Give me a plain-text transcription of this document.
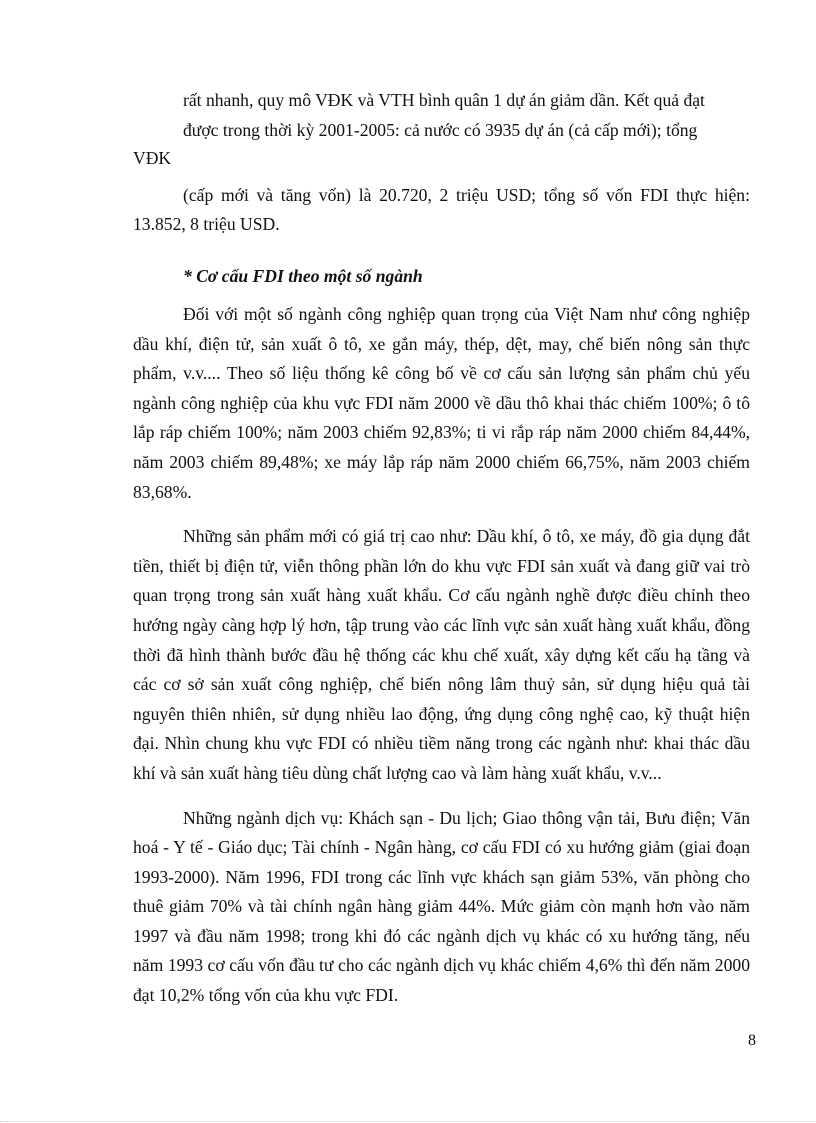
rất nhanh, quy mô VĐK và VTH bình quân 1 dự án giảm dần. Kết quả đạt

được trong thời kỳ 2001-2005: cả nước có 3935 dự án (cả cấp mới); tổng

VĐK

(cấp mới và tăng vốn) là 20.720, 2 triệu USD; tổng số vốn FDI thực hiện: 13.852, 8 triệu USD.

* Cơ cấu FDI theo một số ngành

Đối với một số ngành công nghiệp quan trọng của Việt Nam như công nghiệp dầu khí, điện tử, sản xuất ô tô, xe gắn máy, thép, dệt, may, chế biến nông sản thực phẩm, v.v.... Theo số liệu thống kê công bố về cơ cấu sản lượng sản phẩm chủ yếu ngành công nghiệp của khu vực FDI năm 2000 về dầu thô khai thác chiếm 100%; ô tô lắp ráp chiếm 100%; năm 2003 chiếm 92,83%; ti vi rắp ráp năm 2000 chiếm 84,44%, năm 2003 chiếm 89,48%; xe máy lắp ráp năm 2000 chiếm 66,75%, năm 2003 chiếm 83,68%.

Những sản phẩm mới có giá trị cao như: Dầu khí, ô tô, xe máy, đồ gia dụng đắt tiền, thiết bị điện tử, viễn thông phần lớn do khu vực FDI sản xuất và đang giữ vai trò quan trọng trong sản xuất hàng xuất khẩu. Cơ cấu ngành nghề được điều chỉnh theo hướng ngày càng hợp lý hơn, tập trung vào các lĩnh vực sản xuất hàng xuất khẩu, đồng thời đã hình thành bước đầu hệ thống các khu chế xuất, xây dựng kết cấu hạ tầng và các cơ sở sản xuất công nghiệp, chế biến nông lâm thuỷ sản, sử dụng hiệu quả tài nguyên thiên nhiên, sử dụng nhiều lao động, ứng dụng công nghệ cao, kỹ thuật hiện đại. Nhìn chung khu vực FDI có nhiều tiềm năng trong các ngành như: khai thác dầu khí và sản xuất hàng tiêu dùng chất lượng cao và làm hàng xuất khẩu, v.v...

Những ngành dịch vụ: Khách sạn - Du lịch; Giao thông vận tải, Bưu điện; Văn hoá - Y tế - Giáo dục; Tài chính - Ngân hàng, cơ cấu FDI có xu hướng giảm (giai đoạn 1993-2000). Năm 1996, FDI trong các lĩnh vực khách sạn giảm 53%, văn phòng cho thuê giảm 70% và tài chính ngân hàng giảm 44%. Mức giảm còn mạnh hơn vào năm 1997 và đầu năm 1998; trong khi đó các ngành dịch vụ khác có xu hướng tăng, nếu năm 1993 cơ cấu vốn đầu tư cho các ngành dịch vụ khác chiếm 4,6% thì đến năm 2000 đạt 10,2% tổng vốn của khu vực FDI.

8
